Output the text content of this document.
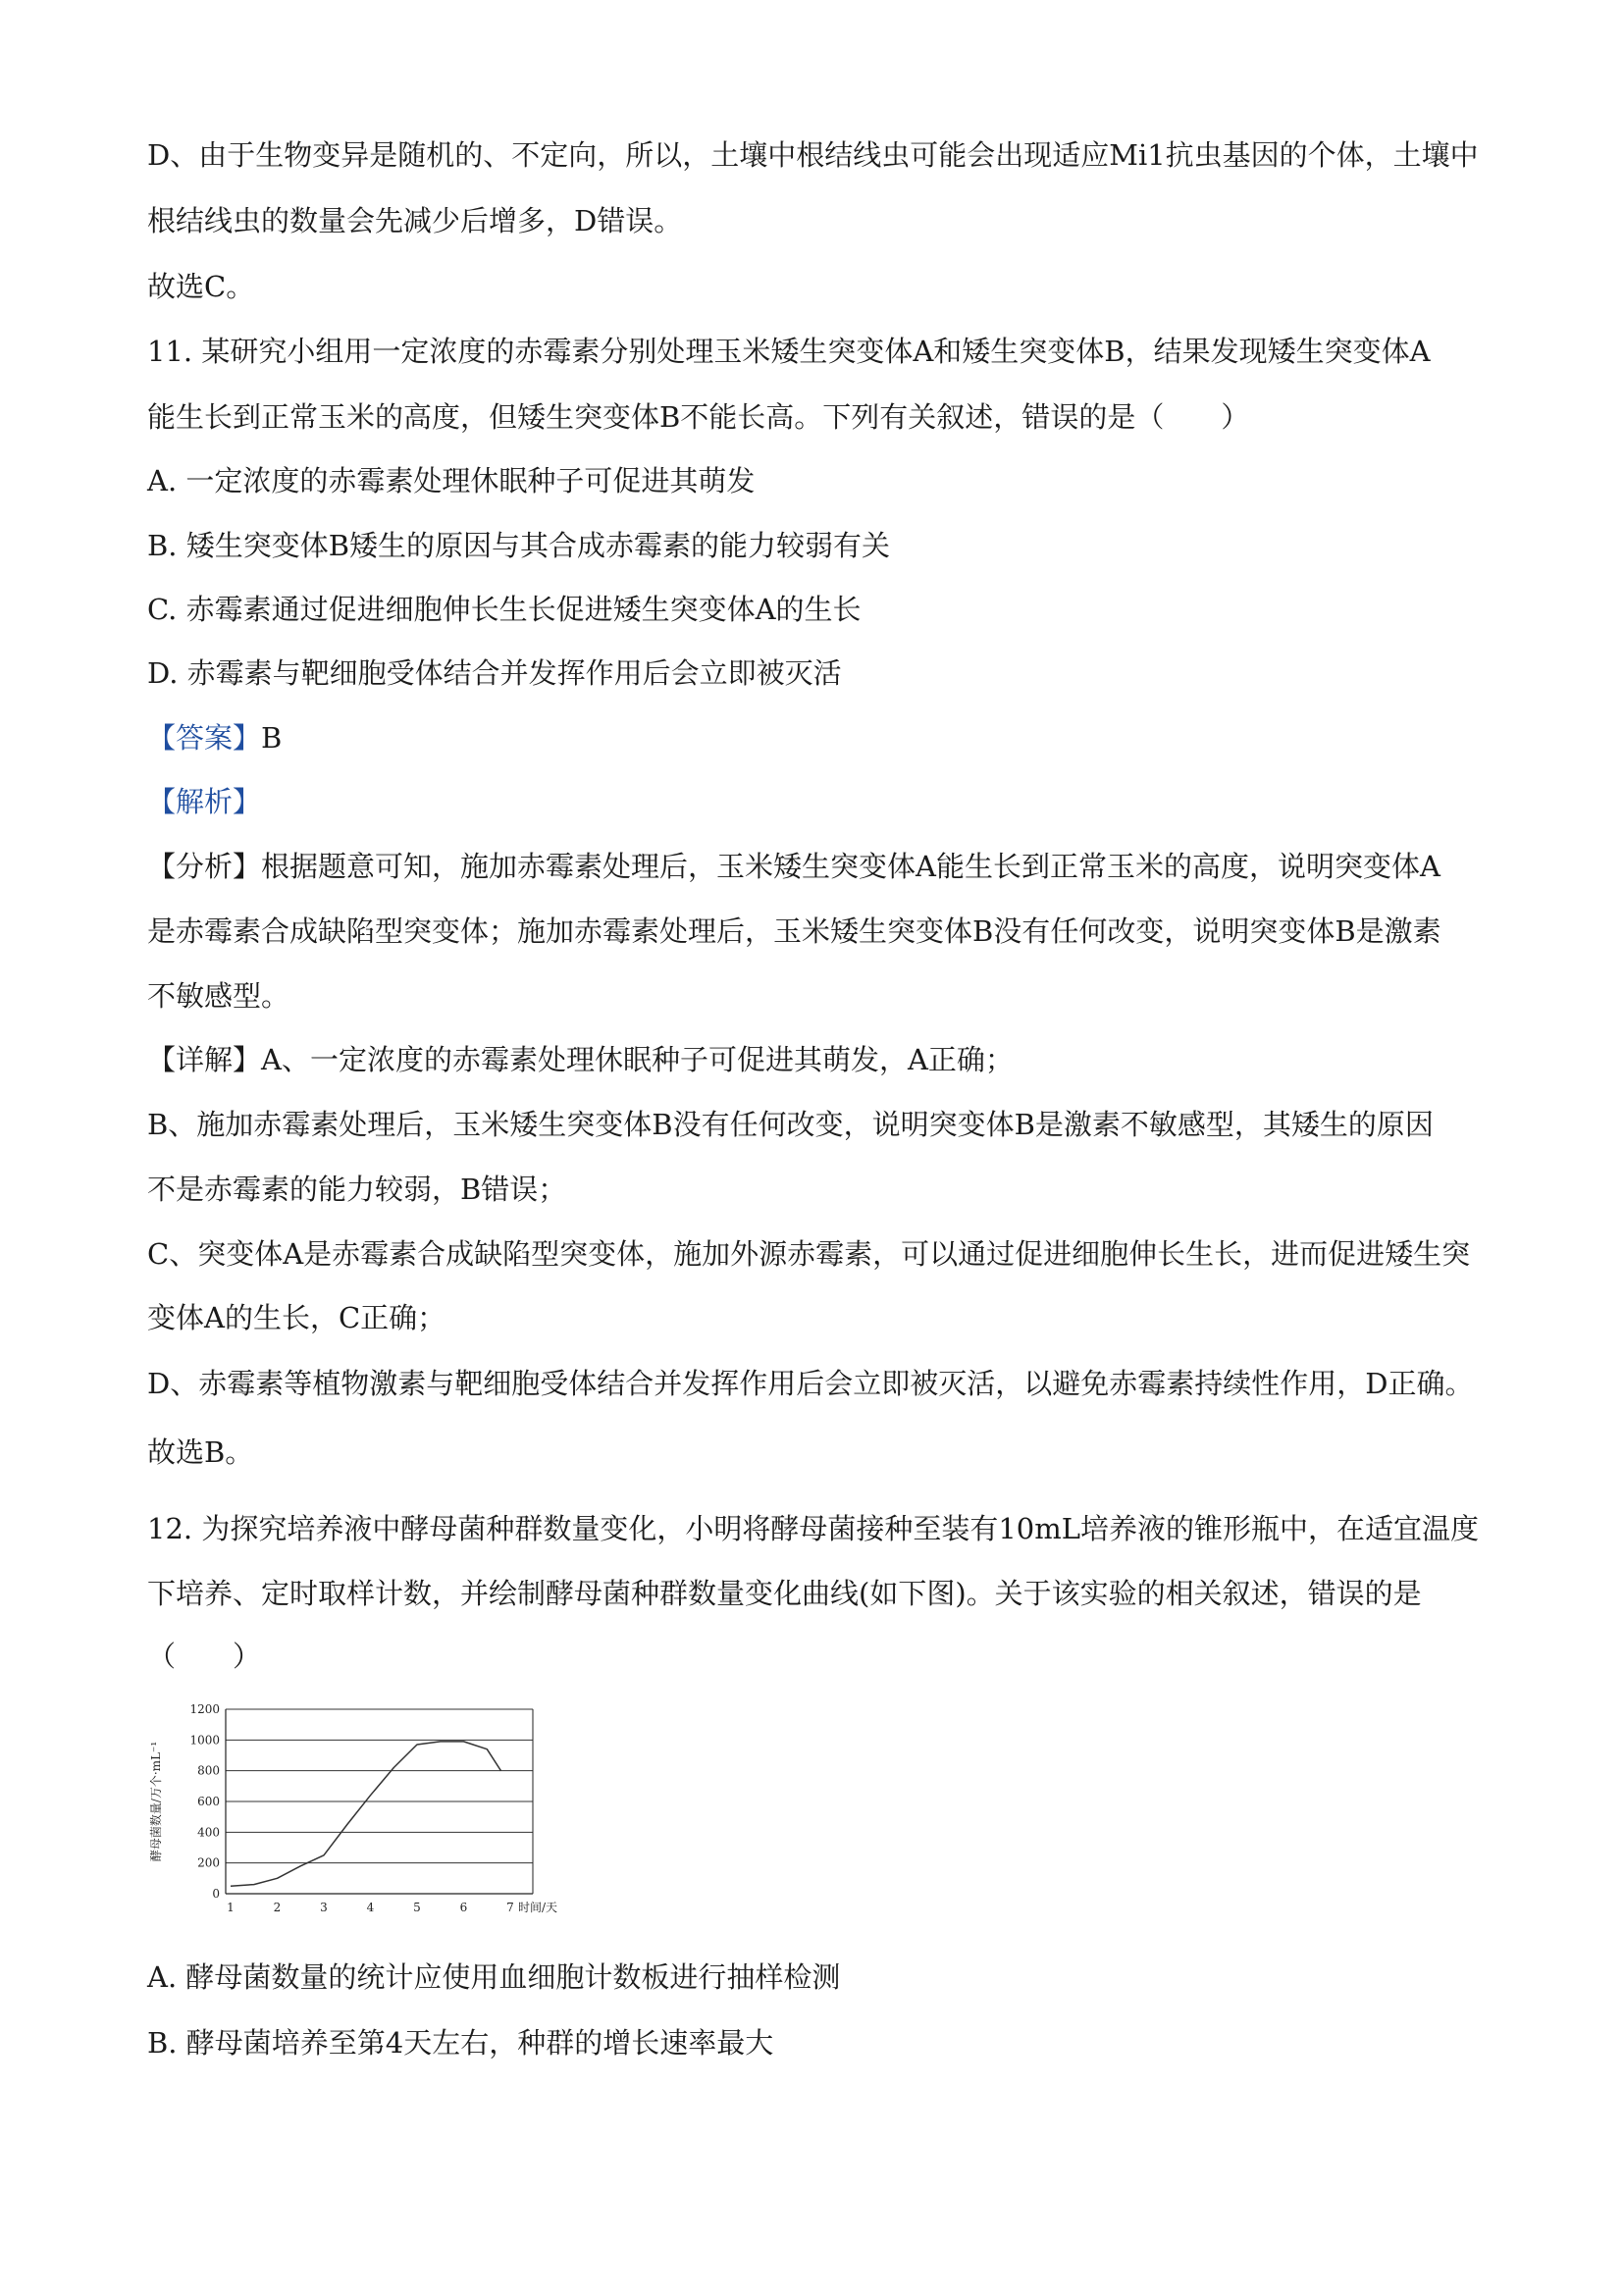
D、由于生物变异是随机的、不定向，所以，土壤中根结线虫可能会出现适应Mi1抗虫基因的个体，土壤中
根结线虫的数量会先减少后增多，D错误。
故选C。
11. 某研究小组用一定浓度的赤霉素分别处理玉米矮生突变体A和矮生突变体B，结果发现矮生突变体A
能生长到正常玉米的高度，但矮生突变体B不能长高。下列有关叙述，错误的是（　　）
A. 一定浓度的赤霉素处理休眠种子可促进其萌发
B. 矮生突变体B矮生的原因与其合成赤霉素的能力较弱有关
C. 赤霉素通过促进细胞伸长生长促进矮生突变体A的生长
D. 赤霉素与靶细胞受体结合并发挥作用后会立即被灭活
【答案】B
【解析】
【分析】根据题意可知，施加赤霉素处理后，玉米矮生突变体A能生长到正常玉米的高度，说明突变体A
是赤霉素合成缺陷型突变体；施加赤霉素处理后，玉米矮生突变体B没有任何改变，说明突变体B是激素
不敏感型。
【详解】A、一定浓度的赤霉素处理休眠种子可促进其萌发，A正确；
B、施加赤霉素处理后，玉米矮生突变体B没有任何改变，说明突变体B是激素不敏感型，其矮生的原因
不是赤霉素的能力较弱，B错误；
C、突变体A是赤霉素合成缺陷型突变体，施加外源赤霉素，可以通过促进细胞伸长生长，进而促进矮生突
变体A的生长，C正确；
D、赤霉素等植物激素与靶细胞受体结合并发挥作用后会立即被灭活，以避免赤霉素持续性作用，D正确。
故选B。
12. 为探究培养液中酵母菌种群数量变化，小明将酵母菌接种至装有10mL培养液的锥形瓶中，在适宜温度
下培养、定时取样计数，并绘制酵母菌种群数量变化曲线(如下图)。关于该实验的相关叙述，错误的是
（　　）
0
200
400
600
800
1000
1200
1	2	3	4	5	6	7 时间/天
酵母菌数量/万个·mL⁻¹
A. 酵母菌数量的统计应使用血细胞计数板进行抽样检测
B. 酵母菌培养至第4天左右，种群的增长速率最大
